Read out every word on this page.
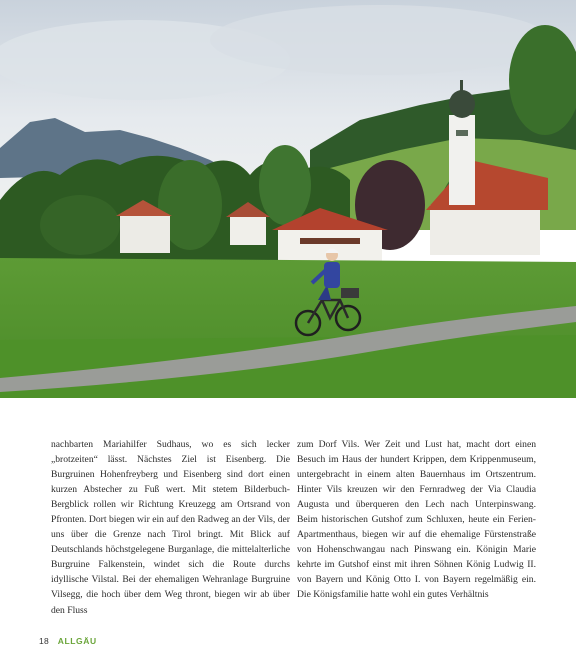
nachbarten Mariahilfer Sudhaus, wo es sich lecker „brotzeiten“ lässt. Nächstes Ziel ist Eisenberg. Die Burgruinen Hohenfreyberg und Eisenberg sind dort einen kurzen Abstecher zu Fuß wert. Mit stetem Bilderbuch-Bergblick rollen wir Richtung Kreuzegg am Ortsrand von Pfronten. Dort biegen wir ein auf den Radweg an der Vils, der uns über die Grenze nach Tirol bringt. Mit Blick auf Deutschlands höchstgelegene Burganlage, die mittelalterliche Burgruine Falkenstein, windet sich die Route durchs idyllische Vilstal. Bei der ehemaligen Wehranlage Burgruine Vilsegg, die hoch über dem Weg thront, biegen wir ab über den Fluss

zum Dorf Vils. Wer Zeit und Lust hat, macht dort einen Besuch im Haus der hundert Krippen, dem Krippenmuseum, untergebracht in einem alten Bauernhaus im Ortszentrum. Hinter Vils kreuzen wir den Fernradweg der Via Claudia Augusta und überqueren den Lech nach Unterpinswang. Beim historischen Gutshof zum Schluxen, heute ein Ferien-Apartmenthaus, biegen wir auf die ehemalige Fürstenstraße von Hohenschwangau nach Pinswang ein. Königin Marie kehrte im Gutshof einst mit ihren Söhnen König Ludwig II. von Bayern und König Otto I. von Bayern regelmäßig ein. Die Königsfamilie hatte wohl ein gutes Verhältnis

18 ALLGÄU
